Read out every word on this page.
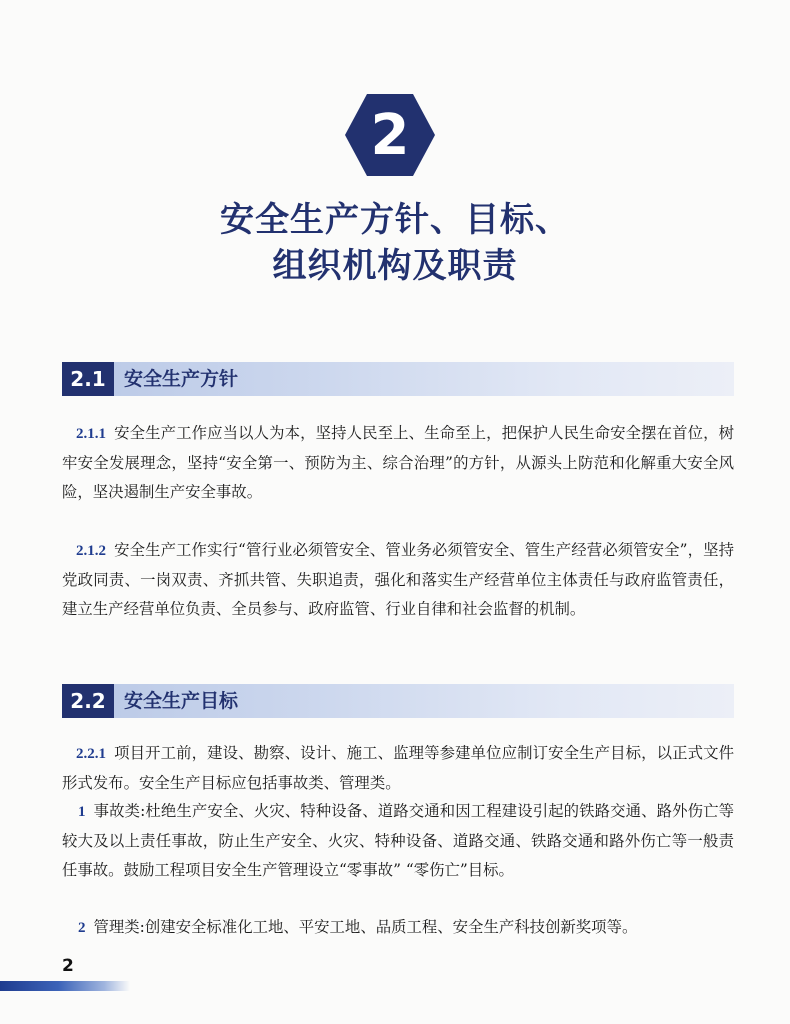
2
安全生产方针、目标、
组织机构及职责
2.1 安全生产方针
2.1.1 安全生产工作应当以人为本，坚持人民至上、生命至上，把保护人民生命安全摆在首位，树牢安全发展理念，坚持“安全第一、预防为主、综合治理”的方针，从源头上防范和化解重大安全风险，坚决遏制生产安全事故。
2.1.2 安全生产工作实行“管行业必须管安全、管业务必须管安全、管生产经营必须管安全”，坚持党政同责、一岗双责、齐抓共管、失职追责，强化和落实生产经营单位主体责任与政府监管责任，建立生产经营单位负责、全员参与、政府监管、行业自律和社会监督的机制。
2.2 安全生产目标
2.2.1 项目开工前，建设、勘察、设计、施工、监理等参建单位应制订安全生产目标，以正式文件形式发布。安全生产目标应包括事故类、管理类。
1 事故类:杜绝生产安全、火灾、特种设备、道路交通和因工程建设引起的铁路交通、路外伤亡等较大及以上责任事故，防止生产安全、火灾、特种设备、道路交通、铁路交通和路外伤亡等一般责任事故。鼓励工程项目安全生产管理设立“零事故” “零伤亡”目标。
2 管理类:创建安全标准化工地、平安工地、品质工程、安全生产科技创新奖项等。
2
